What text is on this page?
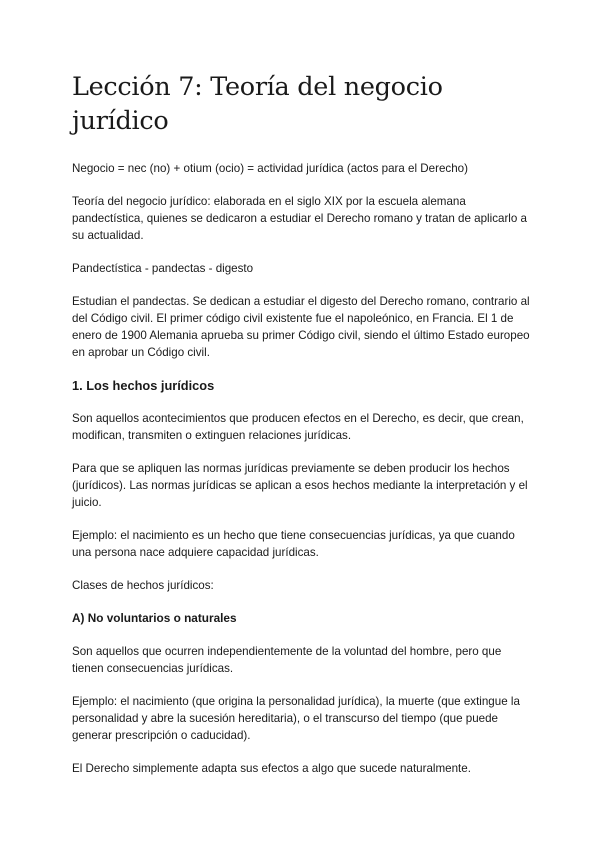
Lección 7: Teoría del negocio jurídico

Negocio = nec (no) + otium (ocio) = actividad jurídica (actos para el Derecho)

Teoría del negocio jurídico: elaborada en el siglo XIX por la escuela alemana pandectística, quienes se dedicaron a estudiar el Derecho romano y tratan de aplicarlo a su actualidad.

Pandectística - pandectas - digesto

Estudian el pandectas. Se dedican a estudiar el digesto del Derecho romano, contrario al del Código civil. El primer código civil existente fue el napoleónico, en Francia. El 1 de enero de 1900 Alemania aprueba su primer Código civil, siendo el último Estado europeo en aprobar un Código civil.

1. Los hechos jurídicos

Son aquellos acontecimientos que producen efectos en el Derecho, es decir, que crean, modifican, transmiten o extinguen relaciones jurídicas.

Para que se apliquen las normas jurídicas previamente se deben producir los hechos (jurídicos). Las normas jurídicas se aplican a esos hechos mediante la interpretación y el juicio.

Ejemplo: el nacimiento es un hecho que tiene consecuencias jurídicas, ya que cuando una persona nace adquiere capacidad jurídicas.

Clases de hechos jurídicos:

A) No voluntarios o naturales

Son aquellos que ocurren independientemente de la voluntad del hombre, pero que tienen consecuencias jurídicas.

Ejemplo: el nacimiento (que origina la personalidad jurídica), la muerte (que extingue la personalidad y abre la sucesión hereditaria), o el transcurso del tiempo (que puede generar prescripción o caducidad).

El Derecho simplemente adapta sus efectos a algo que sucede naturalmente.
